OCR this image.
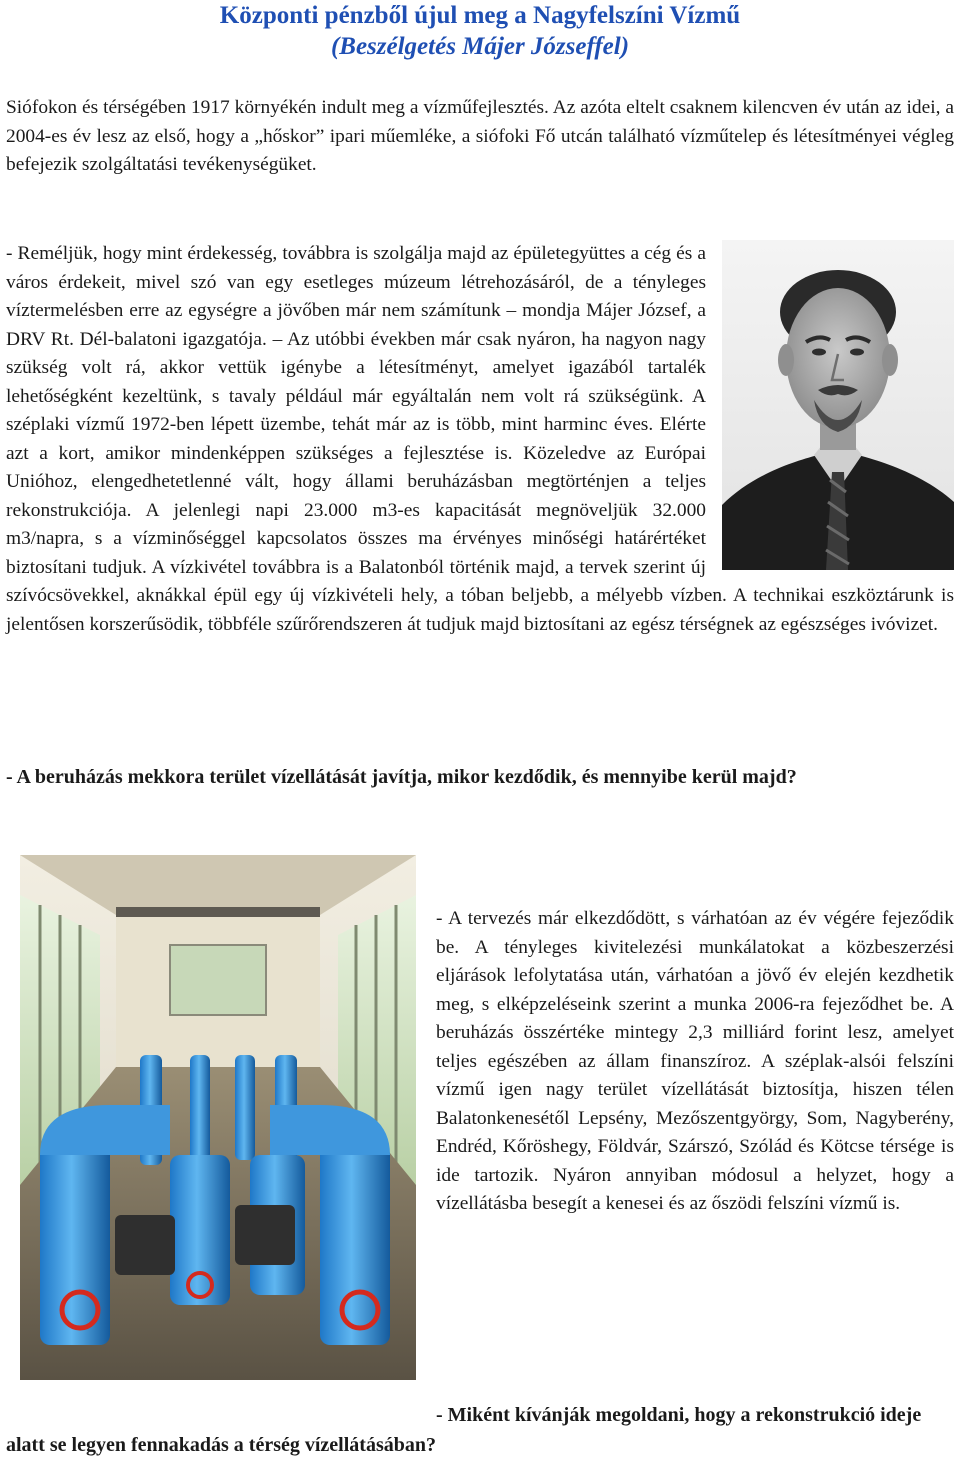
Központi pénzből újul meg a Nagyfelszíni Vízmű
(Beszélgetés Májer Józseffel)

Siófokon és térségében 1917 környékén indult meg a vízműfejlesztés. Az azóta eltelt csaknem kilencven év után az idei, a 2004-es év lesz az első, hogy a „hőskor” ipari műemléke, a siófoki Fő utcán található vízműtelep és létesítményei végleg befejezik szolgáltatási tevékenységüket.

- Reméljük, hogy mint érdekesség, továbbra is szolgálja majd az épületegyüttes a cég és a város érdekeit, mivel szó van egy esetleges múzeum létrehozásáról, de a tényleges víztermelésben erre az egységre a jövőben már nem számítunk – mondja Májer József, a DRV Rt. Dél-balatoni igazgatója. – Az utóbbi években már csak nyáron, ha nagyon nagy szükség volt rá, akkor vettük igénybe a létesítményt, amelyet igazából tartalék lehetőségként kezeltünk, s tavaly például már egyáltalán nem volt rá szükségünk. A széplaki vízmű 1972-ben lépett üzembe, tehát már az is több, mint harminc éves. Elérte azt a kort, amikor mindenképpen szükséges a fejlesztése is. Közeledve az Európai Unióhoz, elengedhetetlenné vált, hogy állami beruházásban megtörténjen a teljes rekonstrukciója. A jelenlegi napi 23.000 m3-es kapacitását megnöveljük 32.000 m3/napra, s a vízminőséggel kapcsolatos összes ma érvényes minőségi határértéket biztosítani tudjuk. A vízkivétel továbbra is a Balatonból történik majd, a tervek szerint új szívócsövekkel, aknákkal épül egy új vízkivételi hely, a tóban beljebb, a mélyebb vízben. A technikai eszköztárunk is jelentősen korszerűsödik, többféle szűrőrendszeren át tudjuk majd biztosítani az egész térségnek az egészséges ivóvizet.

- A beruházás mekkora terület vízellátását javítja, mikor kezdődik, és mennyibe kerül majd?

- A tervezés már elkezdődött, s várhatóan az év végére fejeződik be. A tényleges kivitelezési munkálatokat a közbeszerzési eljárások lefolytatása után, várhatóan a jövő év elején kezdhetik meg, s elképzeléseink szerint a munka 2006-ra fejeződhet be. A beruházás összértéke mintegy 2,3 milliárd forint lesz, amelyet teljes egészében az állam finanszíroz. A széplak-alsói felszíni vízmű igen nagy terület vízellátását biztosítja, hiszen télen Balatonkenesétől Lepsény, Mezőszentgyörgy, Som, Nagyberény, Endréd, Kőröshegy, Földvár, Szárszó, Szólád és Kötcse térsége is ide tartozik. Nyáron annyiban módosul a helyzet, hogy a vízellátásba besegít a kenesei és az őszödi felszíni vízmű is.

- Miként kívánják megoldani, hogy a rekonstrukció ideje alatt se legyen fennakadás a térség vízellátásában?
